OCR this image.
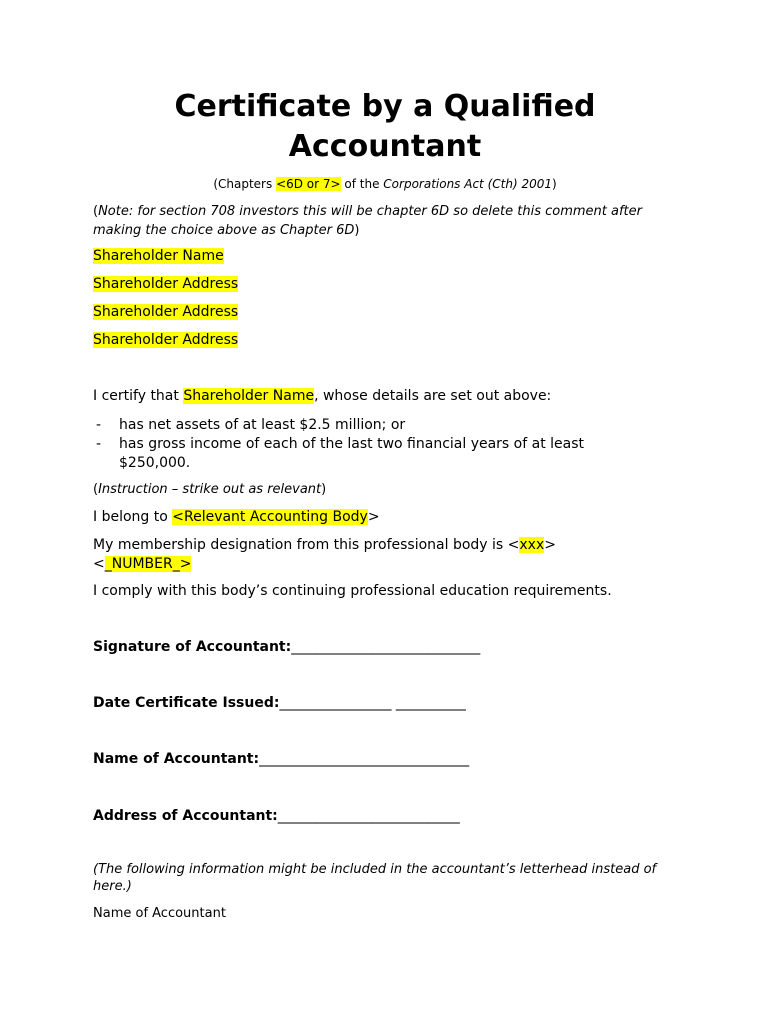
Certificate by a Qualified
Accountant

(Chapters <6D or 7> of the Corporations Act (Cth) 2001)

(Note: for section 708 investors this will be chapter 6D so delete this comment after making the choice above as Chapter 6D)

Shareholder Name

Shareholder Address

Shareholder Address

Shareholder Address

I certify that Shareholder Name, whose details are set out above:

- has net assets of at least $2.5 million; or
- has gross income of each of the last two financial years of at least $250,000.

(Instruction – strike out as relevant)

I belong to <Relevant Accounting Body>

My membership designation from this professional body is <xxx>
<_NUMBER_>

I comply with this body’s continuing professional education requirements.

Signature of Accountant:___________________________

Date Certificate Issued:________________ __________

Name of Accountant:______________________________

Address of Accountant:__________________________

(The following information might be included in the accountant’s letterhead instead of here.)

Name of Accountant
